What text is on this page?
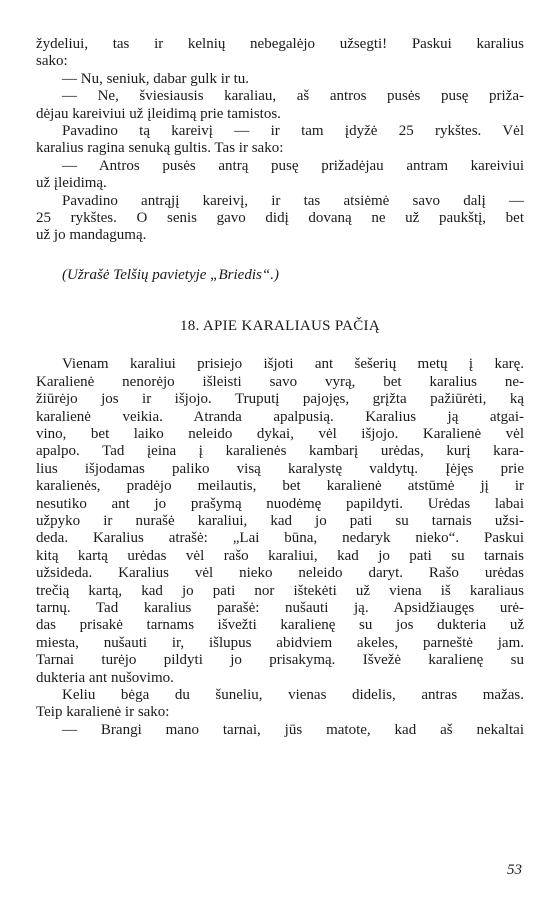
žydeliui, tas ir kelnių nebegalėjo užsegti! Paskui karalius
sako:
— Nu, seniuk, dabar gulk ir tu.
— Ne, šviesiausis karaliau, aš antros pusės pusę priža-
dėjau kareiviui už įleidimą prie tamistos.
Pavadino tą kareivį — ir tam įdyžė 25 rykštes. Vėl
karalius ragina senuką gultis. Tas ir sako:
— Antros pusės antrą pusę prižadėjau antram kareiviui
už įleidimą.
Pavadino antrąjį kareivį, ir tas atsiėmė savo dalį —
25 rykštes. O senis gavo didį dovaną ne už paukštį, bet
už jo mandagumą.
(Užrašė Telšių pavietyje „Briedis“.)
18. APIE KARALIAUS PAČIĄ
Vienam karaliui prisiejo išjoti ant šešerių metų į karę.
Karalienė nenorėjo išleisti savo vyrą, bet karalius ne-
žiūrėjo jos ir išjojo. Truputį pajojęs, grįžta pažiūrėti, ką
karalienė veikia. Atranda apalpusią. Karalius ją atgai-
vino, bet laiko neleido dykai, vėl išjojo. Karalienė vėl
apalpo. Tad įeina į karalienės kambarį urėdas, kurį kara-
lius išjodamas paliko visą karalystę valdytų. Įėjęs prie
karalienės, pradėjo meilautis, bet karalienė atstūmė jį ir
nesutiko ant jo prašymą nuodėmę papildyti. Urėdas labai
užpyko ir nurašė karaliui, kad jo pati su tarnais užsi-
deda. Karalius atrašė: „Lai būna, nedaryk nieko“. Paskui
kitą kartą urėdas vėl rašo karaliui, kad jo pati su tarnais
užsideda. Karalius vėl nieko neleido daryt. Rašo urėdas
trečią kartą, kad jo pati nor ištekėti už viena iš karaliaus
tarnų. Tad karalius parašė: nušauti ją. Apsidžiaugęs urė-
das prisakė tarnams išvežti karalienę su jos dukteria už
miesta, nušauti ir, išlupus abidviem akeles, parneštė jam.
Tarnai turėjo pildyti jo prisakymą. Išvežė karalienę su
dukteria ant nušovimo.
Keliu bėga du šuneliu, vienas didelis, antras mažas.
Teip karalienė ir sako:
— Brangi mano tarnai, jūs matote, kad aš nekaltai
53
